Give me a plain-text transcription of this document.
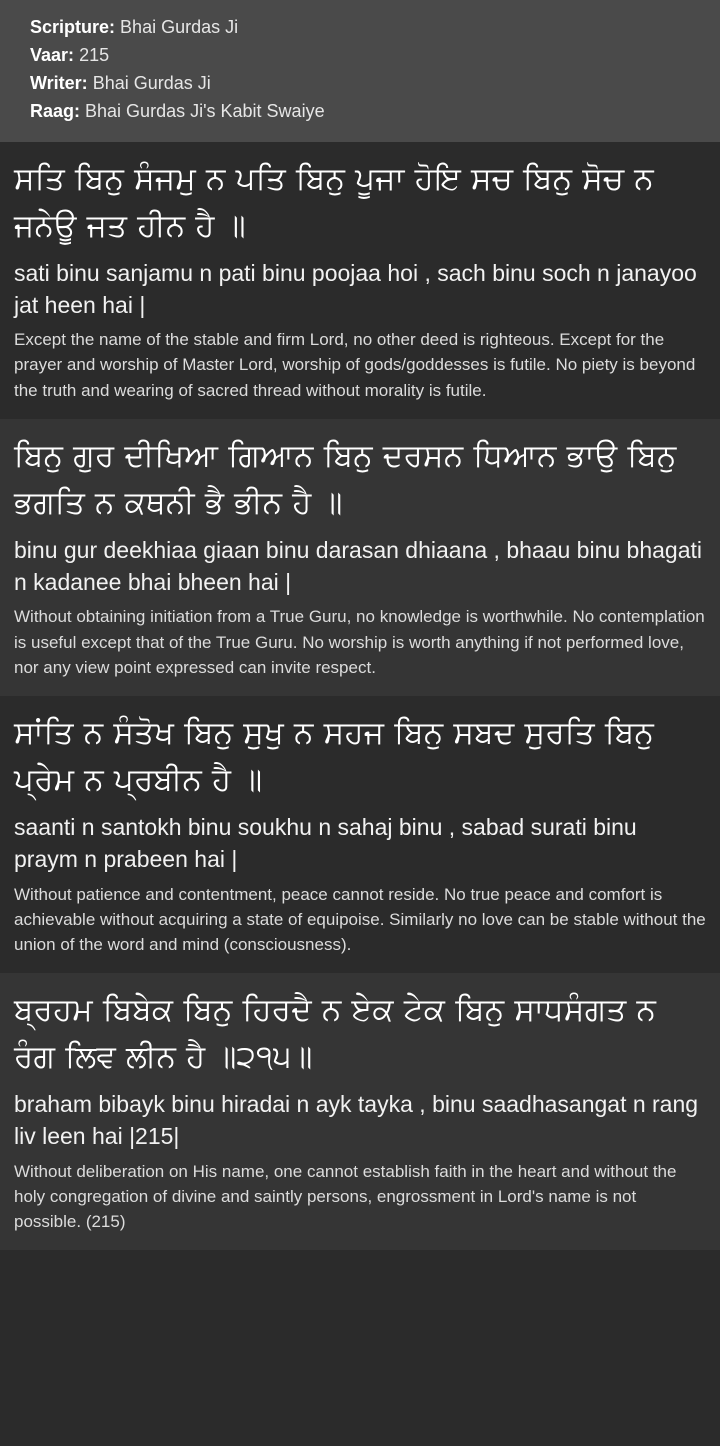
Scripture: Bhai Gurdas Ji
Vaar: 215
Writer: Bhai Gurdas Ji
Raag: Bhai Gurdas Ji's Kabit Swaiye
ਸਤਿ ਬਿਨੁ ਸੰਜਮੁ ਨ ਪਤਿ ਬਿਨੁ ਪੂਜਾ ਹੋਇ ਸਚ ਬਿਨੁ ਸੋਚ ਨ ਜਨੇਊ ਜਤ ਹੀਨ ਹੈ ॥
sati binu sanjamu n pati binu poojaa hoi , sach binu soch n janayoo jat heen hai |
Except the name of the stable and firm Lord, no other deed is righteous. Except for the prayer and worship of Master Lord, worship of gods/goddesses is futile. No piety is beyond the truth and wearing of sacred thread without morality is futile.
ਬਿਨੁ ਗੁਰ ਦੀਖਿਆ ਗਿਆਨ ਬਿਨੁ ਦਰਸਨ ਧਿਆਨ ਭਾਉ ਬਿਨੁ ਭਗਤਿ ਨ ਕਥਨੀ ਭੈ ਭੀਨ ਹੈ ॥
binu gur deekhiaa giaan binu darasan dhiaana , bhaau binu bhagati n kadanee bhai bheen hai |
Without obtaining initiation from a True Guru, no knowledge is worthwhile. No contemplation is useful except that of the True Guru. No worship is worth anything if not performed love, nor any view point expressed can invite respect.
ਸਾਂਤਿ ਨ ਸੰਤੋਖ ਬਿਨੁ ਸੁਖੁ ਨ ਸਹਜ ਬਿਨੁ ਸਬਦ ਸੁਰਤਿ ਬਿਨੁ ਪ੍ਰੇਮ ਨ ਪ੍ਰਬੀਨ ਹੈ ॥
saanti n santokh binu soukhu n sahaj binu , sabad surati binu praym n prabeen hai |
Without patience and contentment, peace cannot reside. No true peace and comfort is achievable without acquiring a state of equipoise. Similarly no love can be stable without the union of the word and mind (consciousness).
ਬ੍ਰਹਮ ਬਿਬੇਕ ਬਿਨੁ ਹਿਰਦੈ ਨ ਏਕ ਟੇਕ ਬਿਨੁ ਸਾਧਸੰਗਤ ਨ ਰੰਗ ਲਿਵ ਲੀਨ ਹੈ ॥੨੧੫॥
braham bibayk binu hiradai n ayk tayka , binu saadhasangat n rang liv leen hai |215|
Without deliberation on His name, one cannot establish faith in the heart and without the holy congregation of divine and saintly persons, engrossment in Lord's name is not possible. (215)
